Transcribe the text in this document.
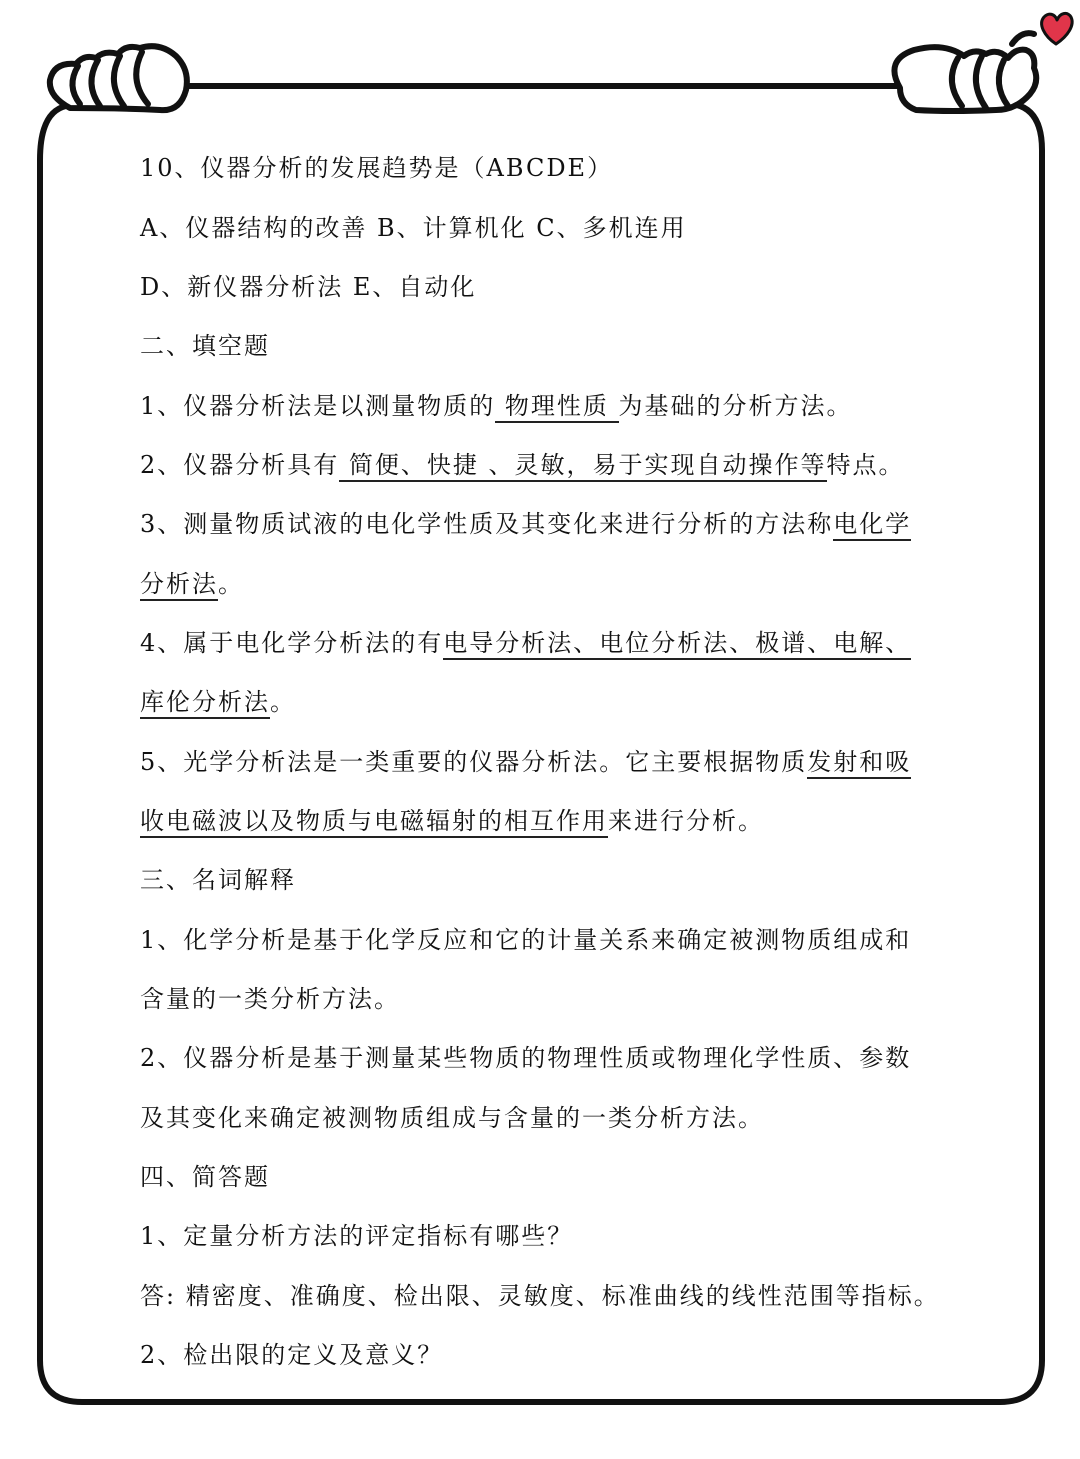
10、仪器分析的发展趋势是（ABCDE）
A、仪器结构的改善 B、计算机化 C、多机连用
D、新仪器分析法 E、自动化
二、填空题
1、仪器分析法是以测量物质的 物理性质 为基础的分析方法。
2、仪器分析具有 简便、快捷 、灵敏，易于实现自动操作等特点。
3、测量物质试液的电化学性质及其变化来进行分析的方法称电化学
分析法。
4、属于电化学分析法的有电导分析法、电位分析法、极谱、电解、
库伦分析法。
5、光学分析法是一类重要的仪器分析法。它主要根据物质发射和吸
收电磁波以及物质与电磁辐射的相互作用来进行分析。
三、名词解释
1、化学分析是基于化学反应和它的计量关系来确定被测物质组成和
含量的一类分析方法。
2、仪器分析是基于测量某些物质的物理性质或物理化学性质、参数
及其变化来确定被测物质组成与含量的一类分析方法。
四、简答题
1、定量分析方法的评定指标有哪些？
答: 精密度、准确度、检出限、灵敏度、标准曲线的线性范围等指标。
2、检出限的定义及意义？
